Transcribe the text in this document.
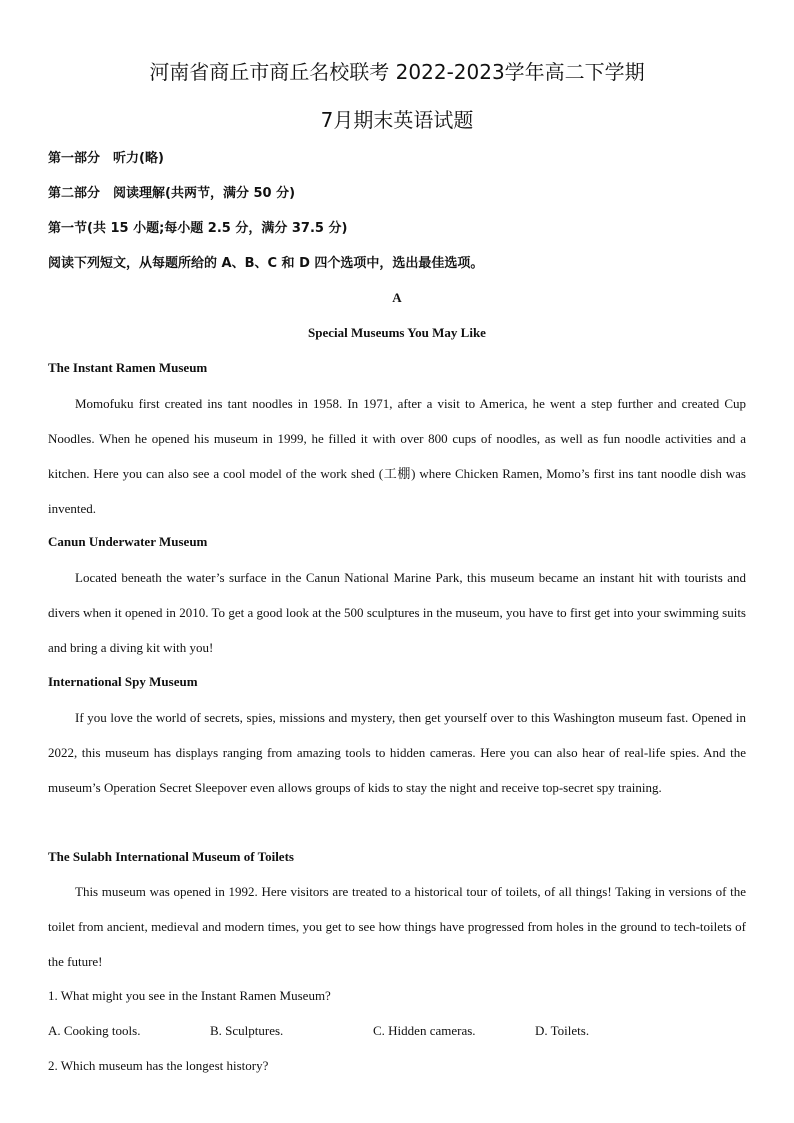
河南省商丘市商丘名校联考 2022-2023学年高二下学期
7月期末英语试题
第一部分　听力(略)
第二部分　阅读理解(共两节，满分 50 分)
第一节(共 15 小题;每小题 2.5 分，满分 37.5 分)
阅读下列短文，从每题所给的 A、B、C 和 D 四个选项中，选出最佳选项。
A
Special Museums You May Like
The Instant Ramen Museum

Momofuku first created ins tant noodles in 1958. In 1971, after a visit to America, he went a step further and created Cup Noodles. When he opened his museum in 1999, he filled it with over 800 cups of noodles, as well as fun noodle activities and a kitchen. Here you can also see a cool model of the work shed (工棚) where Chicken Ramen, Momo’s first ins tant noodle dish was invented.

Canun Underwater Museum

Located beneath the water’s surface in the Canun National Marine Park, this museum became an instant hit with tourists and divers when it opened in 2010. To get a good look at the 500 sculptures in the museum, you have to first get into your swimming suits and bring a diving kit with you!

International Spy Museum

If you love the world of secrets, spies, missions and mystery, then get yourself over to this Washington museum fast. Opened in 2022, this museum has displays ranging from amazing tools to hidden cameras. Here you can also hear of real-life spies. And the museum’s Operation Secret Sleepover even allows groups of kids to stay the night and receive top-secret spy training.

The Sulabh International Museum of Toilets

This museum was opened in 1992. Here visitors are treated to a historical tour of toilets, of all things! Taking in versions of the toilet from ancient, medieval and modern times, you get to see how things have progressed from holes in the ground to tech-toilets of the future!

1. What might you see in the Instant Ramen Museum?
A. Cooking tools.	B. Sculptures.	C. Hidden cameras.	D. Toilets.
2. Which museum has the longest history?
